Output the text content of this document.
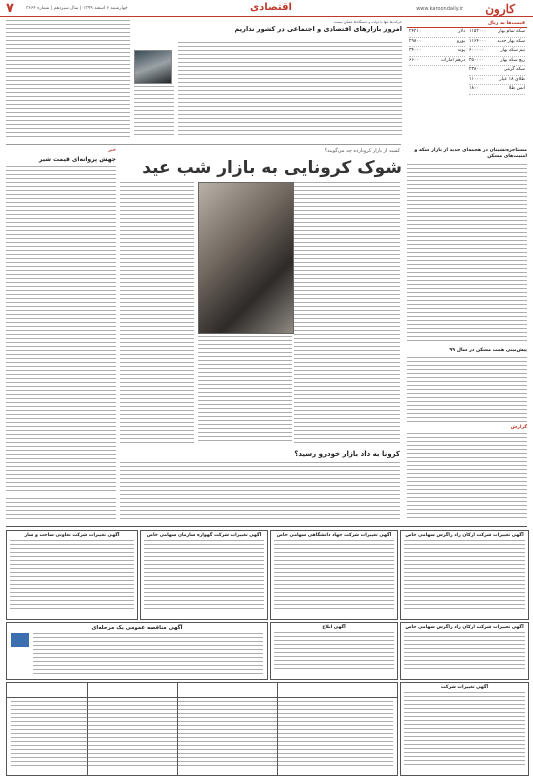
کارون
www.karoondaily.ir
اقتصادی
۷	چهارشنبه ۶ اسفند ۱۳۹۹ | سال سیزدهم | شماره ۳۶۶۴
قیمت‌ها به ریال
دلار
۲۴۲۱۰
یورو
۲۹۸۰۰
پوند
۳۴۰۰۰
درهم امارات
۶۶۰۰
سکه تمام بهار
۱۱۵۲۰۰۰
سکه بهار جدید
۱۱۶۴۰۰۰
نیم سکه بهار
۶۰۰۰۰۰
ربع سکه بهار
۳۵۰۰۰۰
سکه گرمی
۲۳۸۰۰۰
طلای ۱۸ عیار
۱۱۰۰۰۰
انس طلا
۱۸۰۰
حرکت‌ها تنها با دولت و دستگاه‌ها ممکن نیست
امروز بازارهای اقتصادی و اجتماعی در کشور نداریم
مستاجره‌نشینان در هجمه‌ای جدید از بازار سکه و امنیت‌های مسکن
پیش‌بینی همت مسکن در سال ۹۹
گزارش
کسبه از بازار کرونازده چه می‌گویند؟
شوک کرونایی به بازار شب عید
خبر
جهش پروانه‌ای قیمت شیر
کرونا به داد بازار خودرو رسید؟
آگهی تغییرات شرکت ارکان راد زاگرس سهامی خاص
آگهی تغییرات شرکت جهاد دانشگاهی سهامی خاص
آگهی تغییرات شرکت گهواره سازمان سهامی خاص
آگهی تغییرات شرکت تعاونی ساخت و ساز
آگهی تغییرات شرکت ارکان راد زاگرس سهامی خاص
آگهی ابلاغ
آگهی مناقصه عمومی یک مرحله‌ای
آگهی تغییرات شرکت
